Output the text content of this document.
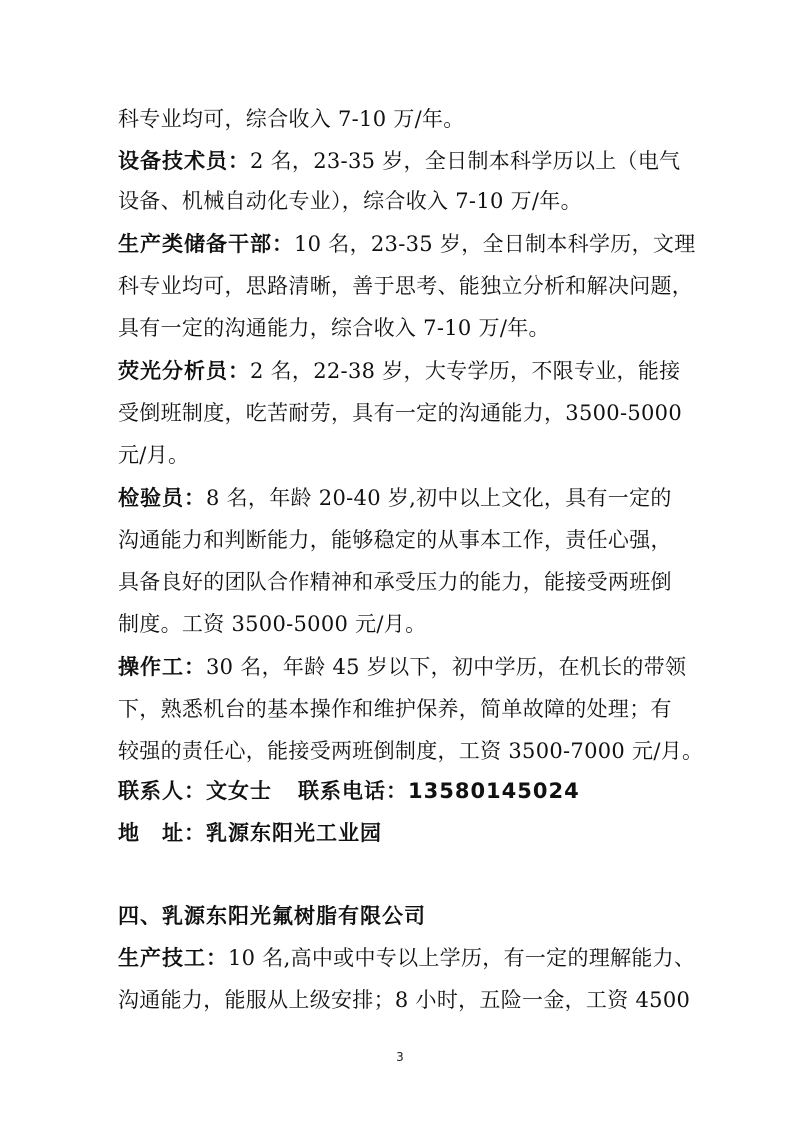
科专业均可，综合收入 7-10 万/年。
设备技术员：2 名，23-35 岁，全日制本科学历以上（电气
设备、机械自动化专业），综合收入 7-10 万/年。
生产类储备干部：10 名，23-35 岁，全日制本科学历，文理
科专业均可，思路清晰，善于思考、能独立分析和解决问题，
具有一定的沟通能力，综合收入 7-10 万/年。
荧光分析员：2 名，22-38 岁，大专学历，不限专业，能接
受倒班制度，吃苦耐劳，具有一定的沟通能力，3500-5000
元/月。
检验员：8 名，年龄 20-40 岁,初中以上文化，具有一定的
沟通能力和判断能力，能够稳定的从事本工作，责任心强，
具备良好的团队合作精神和承受压力的能力，能接受两班倒
制度。工资 3500-5000 元/月。
操作工：30 名，年龄 45 岁以下，初中学历，在机长的带领
下，熟悉机台的基本操作和维护保养，简单故障的处理；有
较强的责任心，能接受两班倒制度，工资 3500-7000 元/月。
联系人：文女士 联系电话：13580145024
地　址：乳源东阳光工业园
四、乳源东阳光氟树脂有限公司
生产技工：10 名,高中或中专以上学历，有一定的理解能力、
沟通能力，能服从上级安排；8 小时，五险一金，工资 4500
3
